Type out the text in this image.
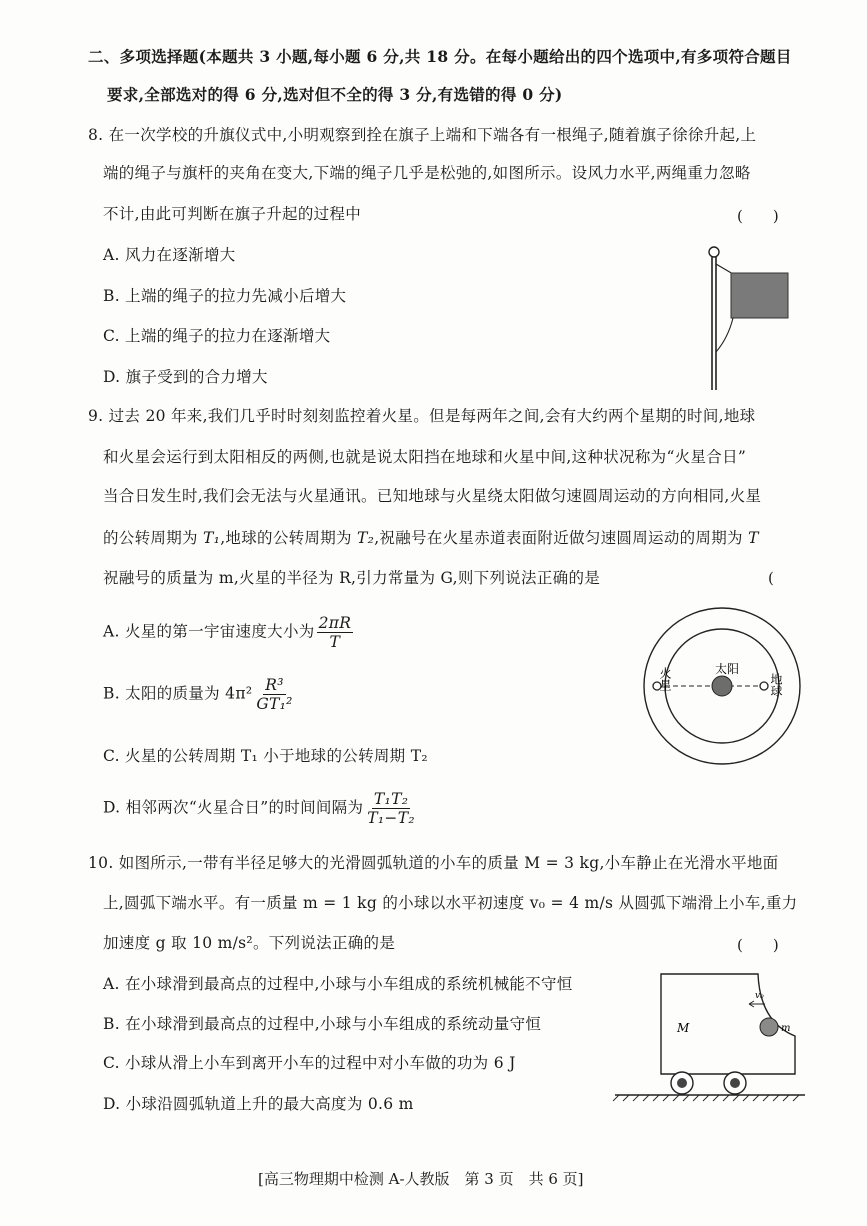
二、多项选择题(本题共 3 小题,每小题 6 分,共 18 分。在每小题给出的四个选项中,有多项符合题目
要求,全部选对的得 6 分,选对但不全的得 3 分,有选错的得 0 分)
8. 在一次学校的升旗仪式中,小明观察到拴在旗子上端和下端各有一根绳子,随着旗子徐徐升起,上
端的绳子与旗杆的夹角在变大,下端的绳子几乎是松弛的,如图所示。设风力水平,两绳重力忽略
不计,由此可判断在旗子升起的过程中	(　　)
A. 风力在逐渐增大
B. 上端的绳子的拉力先减小后增大
C. 上端的绳子的拉力在逐渐增大
D. 旗子受到的合力增大
9. 过去 20 年来,我们几乎时时刻刻监控着火星。但是每两年之间,会有大约两个星期的时间,地球
和火星会运行到太阳相反的两侧,也就是说太阳挡在地球和火星中间,这种状况称为“火星合日”
当合日发生时,我们会无法与火星通讯。已知地球与火星绕太阳做匀速圆周运动的方向相同,火星
的公转周期为 T₁,地球的公转周期为 T₂,祝融号在火星赤道表面附近做匀速圆周运动的周期为 T
祝融号的质量为 m,火星的半径为 R,引力常量为 G,则下列说法正确的是	(
A. 火星的第一宇宙速度大小为 $\frac{2\pi R}{T}$
B. 太阳的质量为 $4\pi^2 \frac{\text{R³}}{\text{GT₁²}}$
C. 火星的公转周期 T₁ 小于地球的公转周期 T₂
D. 相邻两次“火星合日”的时间间隔为 $\frac{\text{T₁T₂}}{\text{T₁−T₂}}$
太阳
火星	地球
10. 如图所示,一带有半径足够大的光滑圆弧轨道的小车的质量 M = 3 kg,小车静止在光滑水平地面
上,圆弧下端水平。有一质量 m = 1 kg 的小球以水平初速度 v₀ = 4 m/s 从圆弧下端滑上小车,重力
加速度 g 取 10 m/s²。下列说法正确的是	(　　)
A. 在小球滑到最高点的过程中,小球与小车组成的系统机械能不守恒
B. 在小球滑到最高点的过程中,小球与小车组成的系统动量守恒
C. 小球从滑上小车到离开小车的过程中对小车做的功为 6 J
D. 小球沿圆弧轨道上升的最大高度为 0.6 m
M	m
v₀
[高三物理期中检测 A-人教版　第 3 页　共 6 页]
